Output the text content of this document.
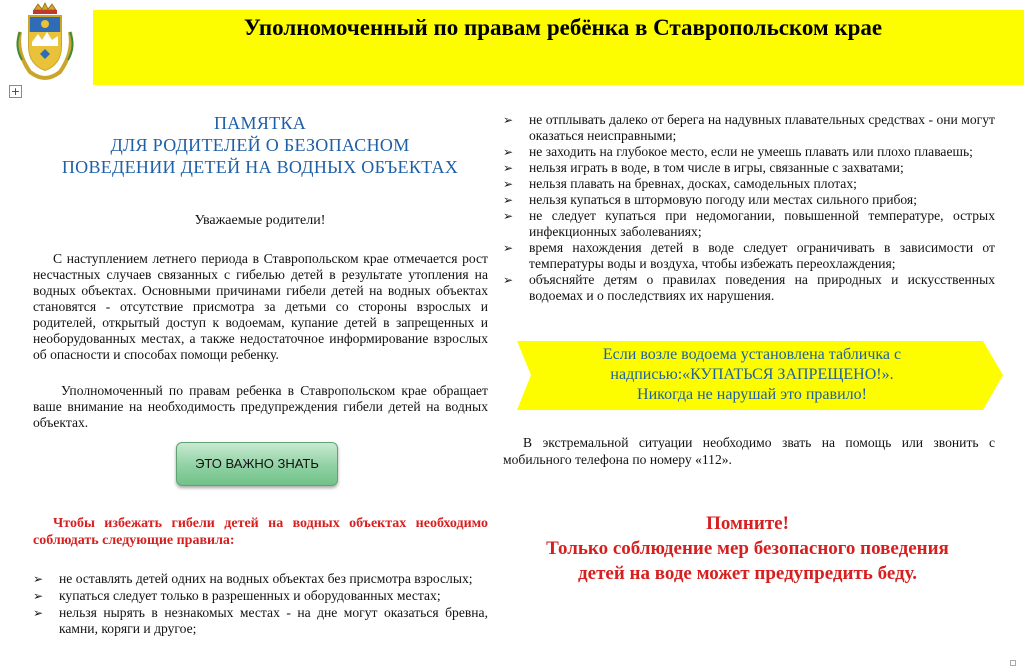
Уполномоченный по правам ребёнка в Ставропольском крае
+
ПАМЯТКА
ДЛЯ РОДИТЕЛЕЙ О БЕЗОПАСНОМ
ПОВЕДЕНИИ ДЕТЕЙ НА ВОДНЫХ ОБЪЕКТАХ
Уважаемые родители!

С наступлением летнего периода в Ставропольском крае отмечается рост несчастных случаев связанных с гибелью детей в результате утопления на водных объектах. Основными причинами гибели детей на водных объектах становятся - отсутствие присмотра за детьми со стороны взрослых и родителей, открытый доступ к водоемам, купание детей в запрещенных и необорудованных местах, а также недостаточное информирование взрослых об опасности и способах помощи ребенку.

Уполномоченный по правам ребенка в Ставропольском крае обращает ваше внимание на необходимость предупреждения гибели детей на водных объектах.

ЭТО ВАЖНО ЗНАТЬ

Чтобы избежать гибели детей на водных объектах необходимо соблюдать следующие правила:

➢ не оставлять детей одних на водных объектах без присмотра взрослых;
➢ купаться следует только в разрешенных и оборудованных местах;
➢ нельзя нырять в незнакомых местах - на дне могут оказаться бревна, камни, коряги и другое;
➢ не отплывать далеко от берега на надувных плавательных средствах - они могут оказаться неисправными;
➢ не заходить на глубокое место, если не умеешь плавать или плохо плаваешь;
➢ нельзя играть в воде, в том числе в игры, связанные с захватами;
➢ нельзя плавать на бревнах, досках, самодельных плотах;
➢ нельзя купаться в штормовую погоду или местах сильного прибоя;
➢ не следует купаться при недомогании, повышенной температуре, острых инфекционных заболеваниях;
➢ время нахождения детей в воде следует ограничивать в зависимости от температуры воды и воздуха, чтобы избежать переохлаждения;
➢ объясняйте детям о правилах поведения на природных и искусственных водоемах и о последствиях их нарушения.
Если возле водоема установлена табличка с
надписью:«КУПАТЬСЯ ЗАПРЕЩЕНО!».
Никогда не нарушай это правило!

В экстремальной ситуации необходимо звать на помощь или звонить с мобильного телефона по номеру «112».

Помните!
Только соблюдение мер безопасного поведения
детей на воде может предупредить беду.
